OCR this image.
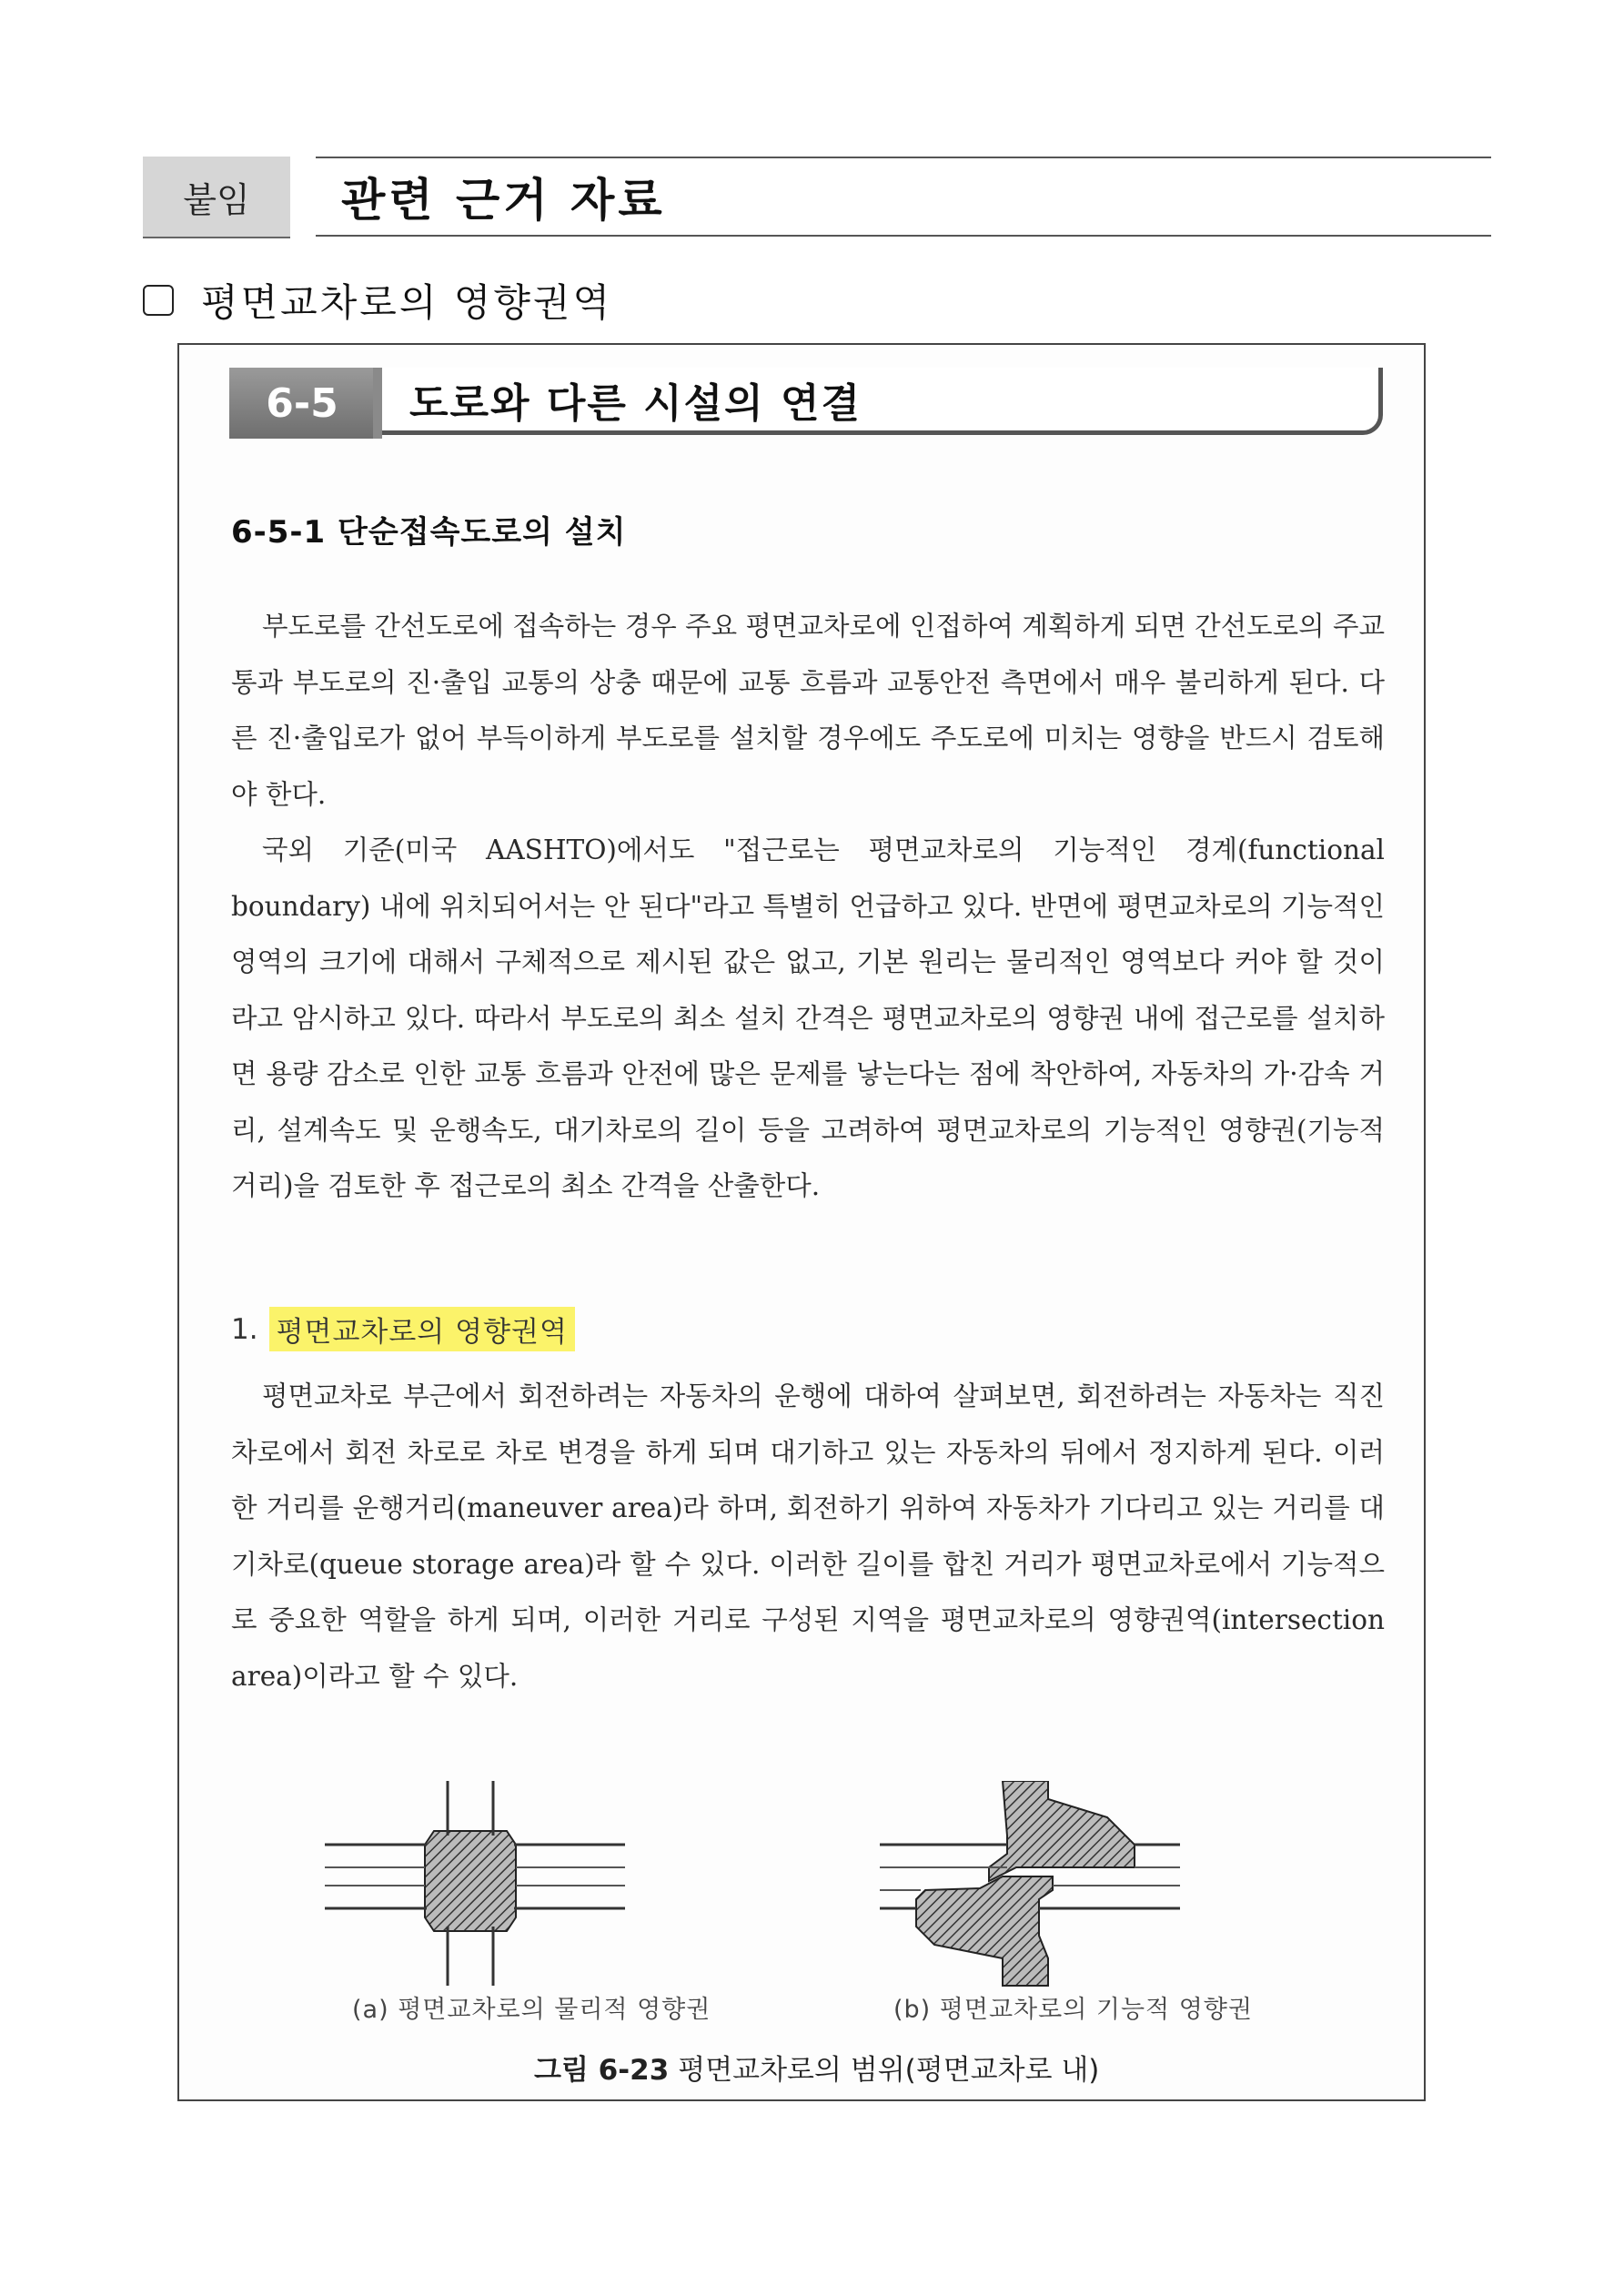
붙임	관련 근거 자료
평면교차로의 영향권역
6-5	도로와 다른 시설의 연결
6-5-1 단순접속도로의 설치

부도로를 간선도로에 접속하는 경우 주요 평면교차로에 인접하여 계획하게 되면 간선도로의 주교통과 부도로의 진·출입 교통의 상충 때문에 교통 흐름과 교통안전 측면에서 매우 불리하게 된다. 다른 진·출입로가 없어 부득이하게 부도로를 설치할 경우에도 주도로에 미치는 영향을 반드시 검토해야 한다.

국외 기준(미국 AASHTO)에서도 "접근로는 평면교차로의 기능적인 경계(functional boundary) 내에 위치되어서는 안 된다"라고 특별히 언급하고 있다. 반면에 평면교차로의 기능적인 영역의 크기에 대해서 구체적으로 제시된 값은 없고, 기본 원리는 물리적인 영역보다 커야 할 것이라고 암시하고 있다. 따라서 부도로의 최소 설치 간격은 평면교차로의 영향권 내에 접근로를 설치하면 용량 감소로 인한 교통 흐름과 안전에 많은 문제를 낳는다는 점에 착안하여, 자동차의 가·감속 거리, 설계속도 및 운행속도, 대기차로의 길이 등을 고려하여 평면교차로의 기능적인 영향권(기능적 거리)을 검토한 후 접근로의 최소 간격을 산출한다.

1. 평면교차로의 영향권역

평면교차로 부근에서 회전하려는 자동차의 운행에 대하여 살펴보면, 회전하려는 자동차는 직진 차로에서 회전 차로로 차로 변경을 하게 되며 대기하고 있는 자동차의 뒤에서 정지하게 된다. 이러한 거리를 운행거리(maneuver area)라 하며, 회전하기 위하여 자동차가 기다리고 있는 거리를 대기차로(queue storage area)라 할 수 있다. 이러한 길이를 합친 거리가 평면교차로에서 기능적으로 중요한 역할을 하게 되며, 이러한 거리로 구성된 지역을 평면교차로의 영향권역(intersection area)이라고 할 수 있다.

(a) 평면교차로의 물리적 영향권	(b) 평면교차로의 기능적 영향권
그림 6-23 평면교차로의 범위(평면교차로 내)
